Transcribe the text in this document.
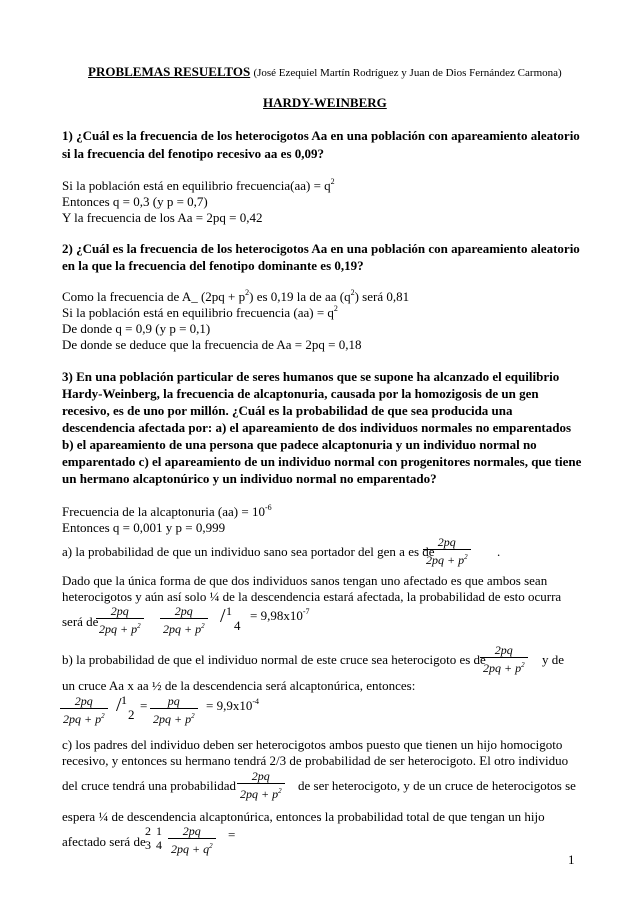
PROBLEMAS RESUELTOS (José Ezequiel Martín Rodríguez y Juan de Dios Fernández Carmona)
HARDY-WEINBERG
1) ¿Cuál es la frecuencia de los heterocigotos Aa en una población con apareamiento aleatorio
si la frecuencia del fenotipo recesivo aa es 0,09?
Si la población está en equilibrio frecuencia(aa) = $q^2$
Entonces q = 0,3 (y p = 0,7)
Y la frecuencia de los Aa = 2pq = 0,42
2) ¿Cuál es la frecuencia de los heterocigotos Aa en una población con apareamiento aleatorio
en la que la frecuencia del fenotipo dominante es 0,19?
Como la frecuencia de A_ $(2pq + p^2)$ es 0,19 la de aa $(q^2)$ será 0,81
Si la población está en equilibrio frecuencia $(aa) = q^2$
De donde q = 0,9 (y p = 0,1)
De donde se deduce que la frecuencia de Aa = 2pq = 0,18
3) En una población particular de seres humanos que se supone ha alcanzado el equilibrio
Hardy-Weinberg, la frecuencia de alcaptonuria, causada por la homozigosis de un gen
recesivo, es de uno por millón. ¿Cuál es la probabilidad de que sea producida una
descendencia afectada por: a) el apareamiento de dos individuos normales no emparentados
b) el apareamiento de una persona que padece alcaptonuria y un individuo normal no
emparentado c) el apareamiento de un individuo normal con progenitores normales, que tiene
un hermano alcaptonúrico y un individuo normal no emparentado?
Frecuencia de la alcaptonuria $(aa) = 10^{-6}$
Entonces q = 0,001 y p = 0,999
a) la probabilidad de que un individuo sano sea portador del gen a es de
$\frac{2pq}{2pq + p^2}$ .
Dado que la única forma de que dos individuos sanos tengan uno afectado es que ambos sean
heterocigotos y aún así solo ¼ de la descendencia estará afectada, la probabilidad de esto ocurra
será de
$\frac{2pq}{2pq + p^2} \frac{2pq}{2pq + p^2} 1$
/ 4
= $9,98x10^{-7}$
b) la probabilidad de que el individuo normal de este cruce sea heterocigoto es de
$\frac{2pq}{2pq + p^2}$ y de
un cruce Aa x aa ½ de la descendencia será alcaptonúrica, entonces:
$\frac{2pq}{2pq + p^2} 1$
/ 2
= $\frac{pq}{2pq + p^2} = 9,9x10^{-4}$
c) los padres del individuo deben ser heterocigotos ambos puesto que tienen un hijo homocigoto
recesivo, y entonces su hermano tendrá 2/3 de probabilidad de ser heterocigoto. El otro individuo
del cruce tendrá una probabilidad $\frac{2pq}{2pq + p^2}$ de ser heterocigoto, y de un cruce de heterocigotos se
espera ¼ de descendencia alcaptonúrica, entonces la probabilidad total de que tengan un hijo
afectado será de
2
3
1
$4 \frac{2pq}{2pq + q^2}$ =
1
